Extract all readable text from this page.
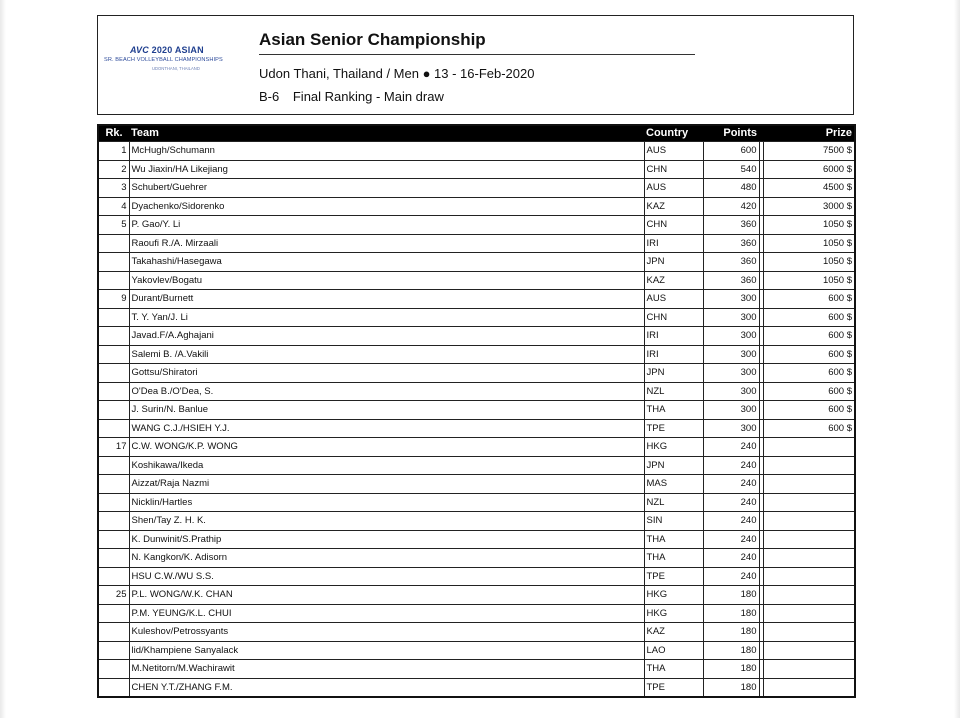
AVC 2020 ASIAN
SR. BEACH VOLLEYBALL CHAMPIONSHIPS
UDONTHANI, THAILAND
Asian Senior Championship
Udon Thani, Thailand / Men ● 13 - 16-Feb-2020
B-6 Final Ranking - Main draw
Rk.	Team	Country	Points		Prize
1	McHugh/Schumann	AUS	600		7500 $
2	Wu Jiaxin/HA Likejiang	CHN	540		6000 $
3	Schubert/Guehrer	AUS	480		4500 $
4	Dyachenko/Sidorenko	KAZ	420		3000 $
5	P. Gao/Y. Li	CHN	360		1050 $
	Raoufi R./A. Mirzaali	IRI	360		1050 $
	Takahashi/Hasegawa	JPN	360		1050 $
	Yakovlev/Bogatu	KAZ	360		1050 $
9	Durant/Burnett	AUS	300		600 $
	T. Y. Yan/J. Li	CHN	300		600 $
	Javad.F/A.Aghajani	IRI	300		600 $
	Salemi B. /A.Vakili	IRI	300		600 $
	Gottsu/Shiratori	JPN	300		600 $
	O'Dea B./O'Dea, S.	NZL	300		600 $
	J. Surin/N. Banlue	THA	300		600 $
	WANG C.J./HSIEH Y.J.	TPE	300		600 $
17	C.W. WONG/K.P. WONG	HKG	240		
	Koshikawa/Ikeda	JPN	240		
	Aizzat/Raja Nazmi	MAS	240		
	Nicklin/Hartles	NZL	240		
	Shen/Tay Z. H. K.	SIN	240		
	K. Dunwinit/S.Prathip	THA	240		
	N. Kangkon/K. Adisorn	THA	240		
	HSU C.W./WU S.S.	TPE	240		
25	P.L. WONG/W.K. CHAN	HKG	180		
	P.M. YEUNG/K.L. CHUI	HKG	180		
	Kuleshov/Petrossyants	KAZ	180		
	lid/Khampiene Sanyalack	LAO	180		
	M.Netitorn/M.Wachirawit	THA	180		
	CHEN Y.T./ZHANG F.M.	TPE	180		
